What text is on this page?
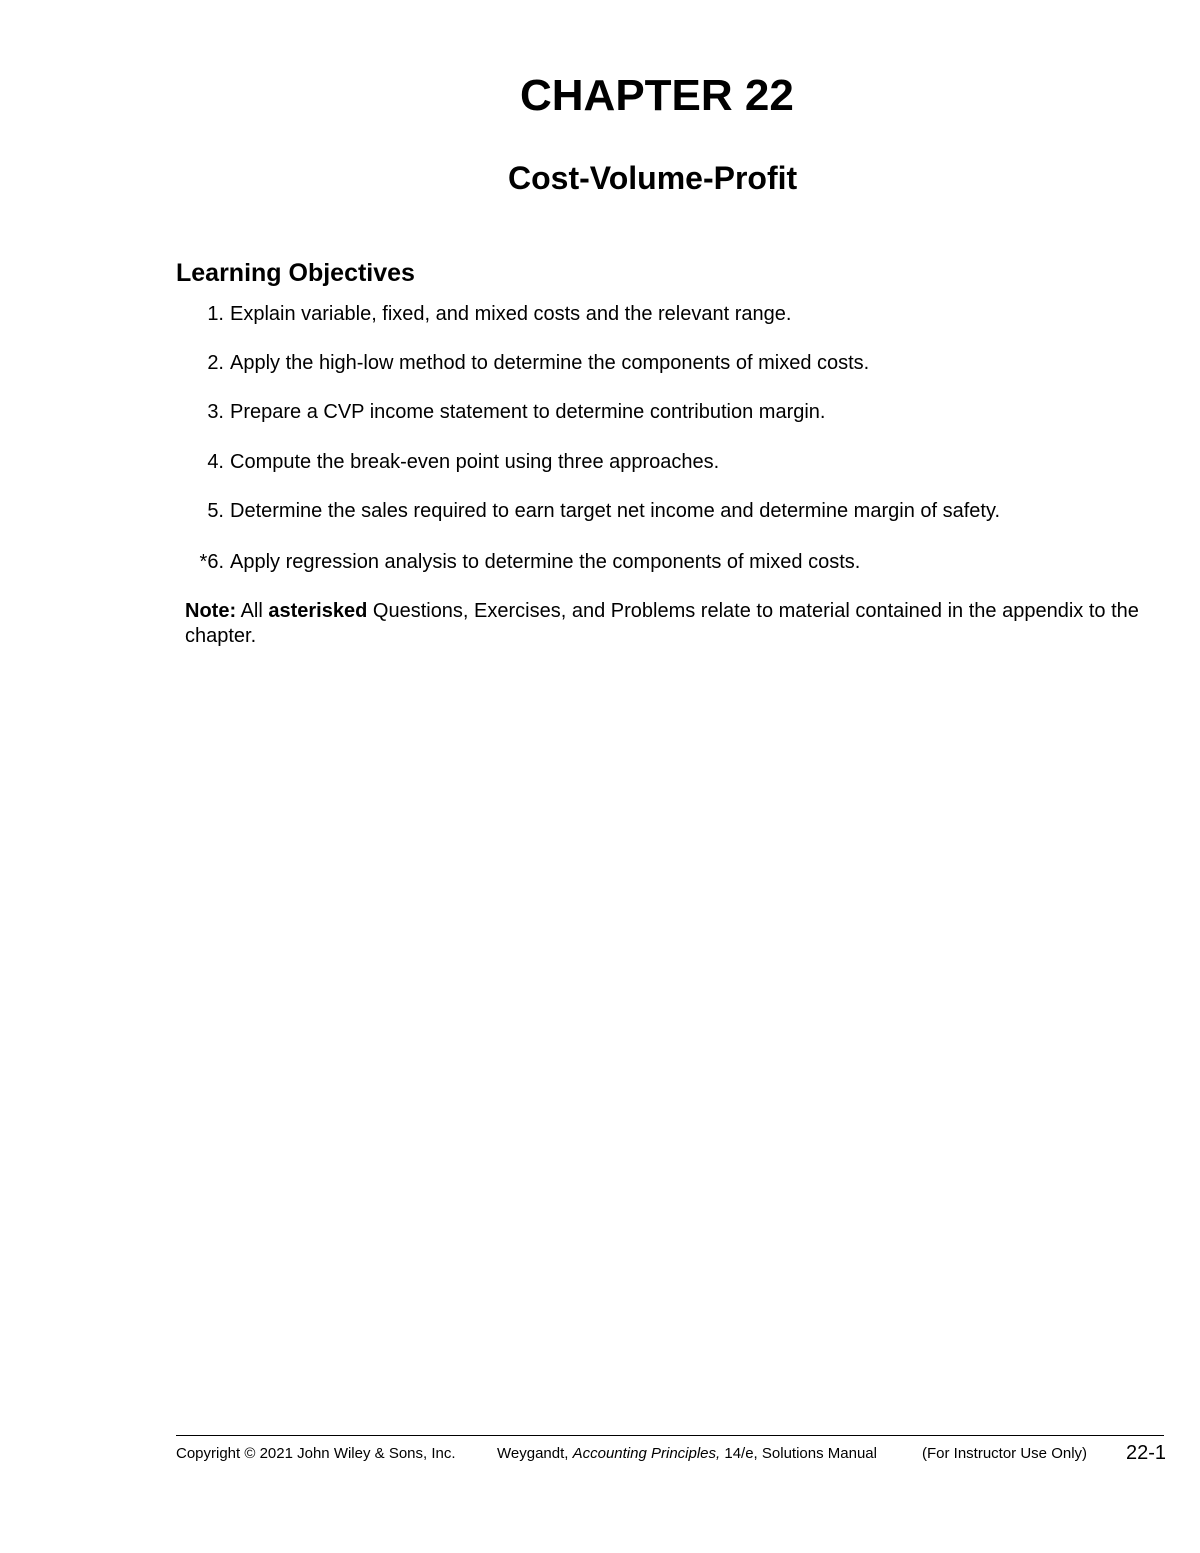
CHAPTER 22
Cost-Volume-Profit
Learning Objectives

1. Explain variable, fixed, and mixed costs and the relevant range.

2. Apply the high-low method to determine the components of mixed costs.

3. Prepare a CVP income statement to determine contribution margin.

4. Compute the break-even point using three approaches.

5. Determine the sales required to earn target net income and determine margin of safety.

*6. Apply regression analysis to determine the components of mixed costs.

Note: All asterisked Questions, Exercises, and Problems relate to material contained in the appendix to the chapter.

Copyright © 2021 John Wiley & Sons, Inc.	Weygandt, Accounting Principles, 14/e, Solutions Manual	(For Instructor Use Only) 22-1
